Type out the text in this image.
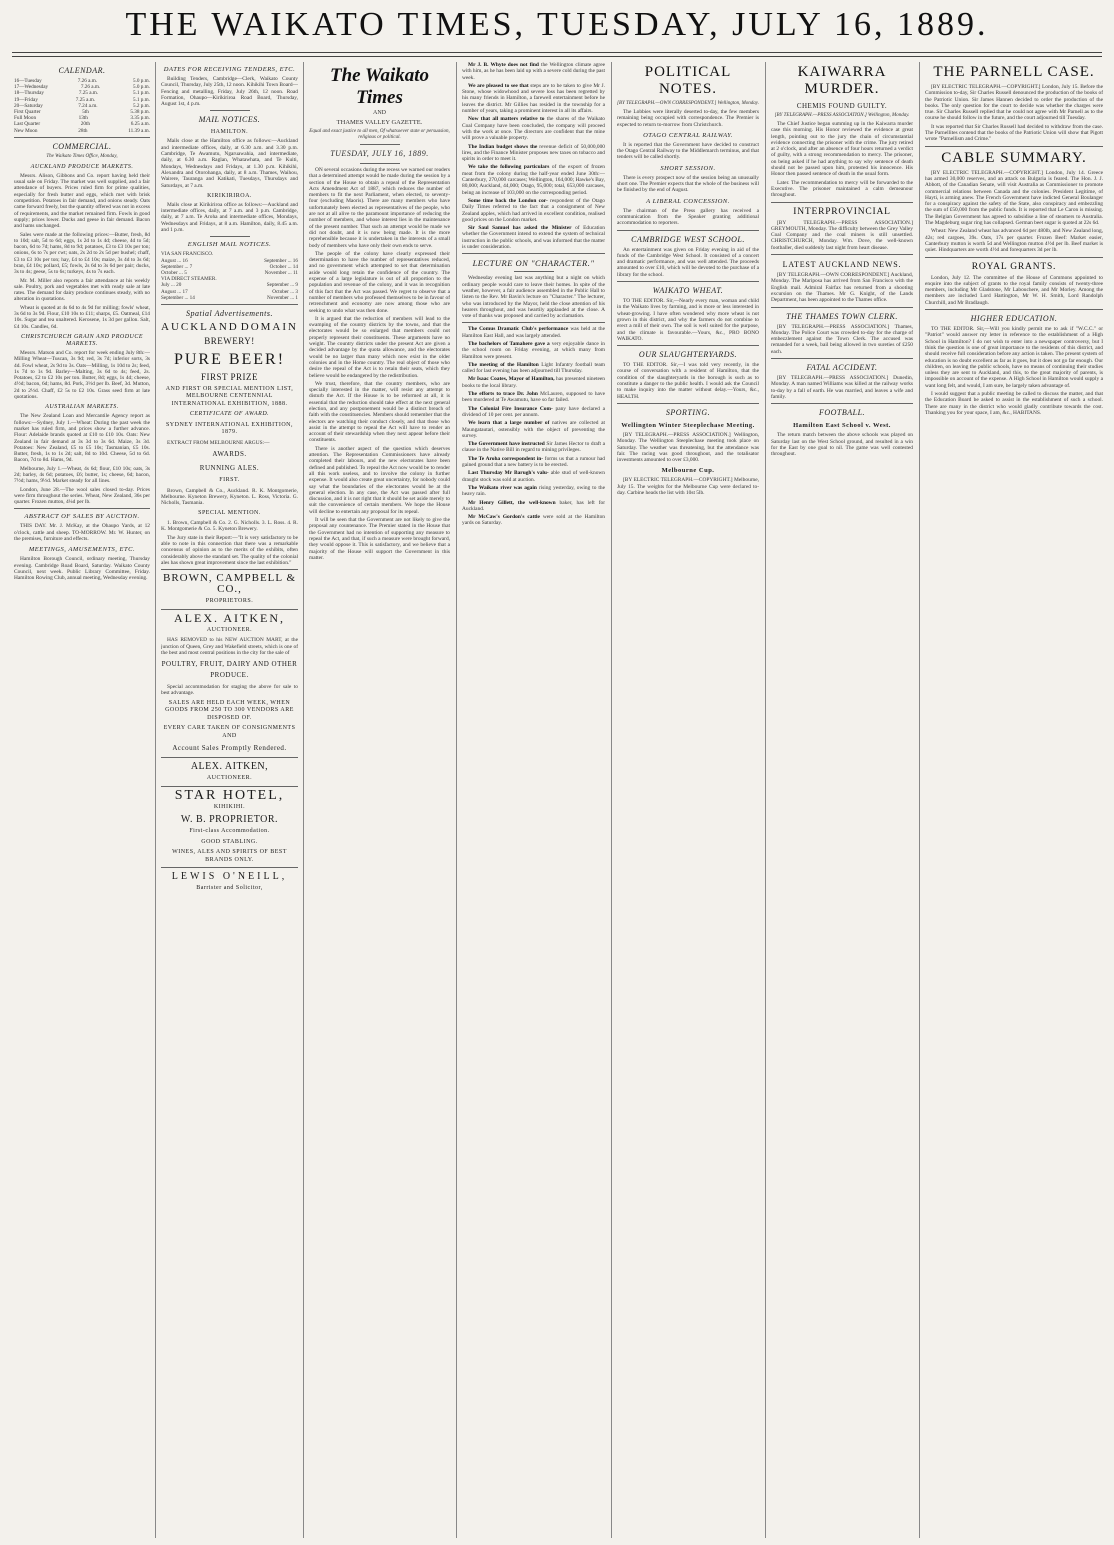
THE WAIKATO TIMES, TUESDAY, JULY 16, 1889.
CALENDAR.
16—Tuesday	7.26 a.m.	5.0 p.m.
17—Wednesday	7.26 a.m.	5.0 p.m.
18—Thursday	7.25 a.m.	5.1 p.m.
19—Friday	7.25 a.m.	5.1 p.m.
20—Saturday	7.24 a.m.	5.2 p.m.
First Quarter	5th	5.38 p.m.
Full Moon	13th	3.35 p.m.
Last Quarter	20th	6.25 a.m.
New Moon	28th	11.39 a.m.
COMMERCIAL.
The Waikato Times Office, Monday,
AUCKLAND PRODUCE MARKETS.
Messrs. Alison, Gibbons and Co. report having held their usual sale on Friday. The market was well supplied, and a fair attendance of buyers. Prices ruled firm for prime qualities, especially for fresh butter and eggs, which met with brisk competition. Potatoes in fair demand, and onions steady. Oats came forward freely, but the quantity offered was not in excess of requirements, and the market remained firm. Fowls in good supply; prices lower. Ducks and geese in fair demand. Bacon and hams unchanged.
Sales were made at the following prices:—Butter, fresh, 8d to 10d; salt, 5d to 6d; eggs, 1s 2d to 1s 4d; cheese, 4d to 5d; bacon, 6d to 7d; hams, 8d to 9d; potatoes, £3 to £3 10s per ton; onions, 6s to 7s per cwt; oats, 2s 2d to 2s 5d per bushel; chaff, £3 to £3 10s per ton; hay, £4 to £4 10s; maize, 3s 4d to 3s 6d; bran, £4 10s; pollard, £5; fowls, 2s 6d to 3s 6d per pair; ducks, 3s to 4s; geese, 5s to 6s; turkeys, 4s to 7s each.
Mr. M. Miller also reports a fair attendance at his weekly sale. Poultry, pork and vegetables met with ready sale at late rates. The demand for dairy produce continues steady, with no alteration in quotations.
Wheat is quoted at 4s 6d to 4s 9d for milling; fowls' wheat, 3s 6d to 3s 9d. Flour, £10 10s to £11; sharps, £5. Oatmeal, £14 10s. Sugar and tea unaltered. Kerosene, 1s 3d per gallon. Salt, £4 10s. Candles, 6d.
CHRISTCHURCH GRAIN AND PRODUCE MARKETS.
Messrs. Matson and Co. report for week ending July 8th:—Milling Wheat—Tuscan, 3s 9d; red, 3s 7d; inferior sorts, 3s 4d. Fowl wheat, 2s 9d to 3s. Oats—Milling, 1s 10d to 2s; feed, 1s 7d to 1s 9d. Barley—Malting, 3s 6d to 4s; feed, 2s. Potatoes, £2 to £2 10s per ton. Butter, 8d; eggs, 1s 4d; cheese, 4½d; bacon, 6d; hams, 8d. Pork, 3½d per lb. Beef, 3d. Mutton, 2d to 2½d. Chaff, £2 5s to £2 10s. Grass seed firm at late quotations.
AUSTRALIAN MARKETS.
The New Zealand Loan and Mercantile Agency report as follows:—Sydney, July 1.—Wheat: During the past week the market has ruled firm, and prices show a further advance. Flour: Adelaide brands quoted at £10 to £10 10s. Oats: New Zealand in fair demand at 3s 3d to 3s 6d. Maize, 3s 3d. Potatoes: New Zealand, £5 to £5 10s; Tasmanian, £5 10s. Butter, fresh, 1s to 1s 2d; salt, 8d to 10d. Cheese, 5d to 6d. Bacon, 7d to 8d. Hams, 9d.
Melbourne, July 1.—Wheat, 4s 6d; flour, £10 10s; oats, 3s 2d; barley, 4s 6d; potatoes, £6; butter, 1s; cheese, 6d; bacon, 7½d; hams, 9½d. Market steady for all lines.
London, June 28.—The wool sales closed to-day. Prices were firm throughout the series. Wheat, New Zealand, 36s per quarter. Frozen mutton, 4¼d per lb.
ABSTRACT OF SALES BY AUCTION.
THIS DAY. Mr. J. McKay, at the Ohaupo Yards, at 12 o'clock, cattle and sheep. TO-MORROW. Mr. W. Hunter, on the premises, furniture and effects.
MEETINGS, AMUSEMENTS, ETC.
Hamilton Borough Council, ordinary meeting, Thursday evening. Cambridge Road Board, Saturday. Waikato County Council, next week. Public Library Committee, Friday. Hamilton Rowing Club, annual meeting, Wednesday evening.
DATES FOR RECEIVING TENDERS, ETC.
Building Tenders, Cambridge—Clerk, Waikato County Council, Thursday, July 25th, 12 noon. Kihikihi Town Board—Fencing and metalling, Friday, July 26th, 12 noon. Road Formation, Ohaupo—Kirikiriroa Road Board, Thursday, August 1st, 4 p.m.
MAIL NOTICES.
HAMILTON.
Mails close at the Hamilton office as follows:—Auckland and intermediate offices, daily, at 6.30 a.m. and 3.30 p.m. Cambridge, Te Awamutu, Ngaruawahia, and intermediate, daily, at 6.30 a.m. Raglan, Whatawhata, and Te Kuiti, Mondays, Wednesdays and Fridays, at 1.30 p.m. Kihikihi, Alexandra and Otorohanga, daily, at 8 a.m. Thames, Waihou, Wairere, Tauranga and Katikati, Tuesdays, Thursdays and Saturdays, at 7 a.m.
KIRIKIRIROA.
Mails close at Kirikiriroa office as follows:—Auckland and intermediate offices, daily, at 7 a.m. and 3 p.m. Cambridge, daily, at 7 a.m. Te Aroha and intermediate offices, Mondays, Wednesdays and Fridays, at 8 a.m. Hamilton, daily, 8.45 a.m. and 1 p.m.
ENGLISH MAIL NOTICES.
VIA SAN FRANCISCO.
August ... 16	September ... 16
September ... 7	October ... 14
October ... 5	November ... 11
VIA DIRECT STEAMER.
July ... 20	September ... 9
August ... 17	October ... 3
September ... 14	November ... 1
Spatial Advertisements.
AUCKLAND DOMAIN
BREWERY!
PURE BEER!
FIRST PRIZE
AND FIRST OR SPECIAL MENTION LIST, MELBOURNE CENTENNIAL INTERNATIONAL EXHIBITION, 1888.
CERTIFICATE OF AWARD.
SYDNEY INTERNATIONAL EXHIBITION, 1879.
EXTRACT FROM MELBOURNE ARGUS:—
AWARDS.
RUNNING ALES.
FIRST.
Brown, Campbell & Co., Auckland. R. K. Montgomerie, Melbourne. Kyneton Brewery, Kyneton. L. Ross, Victoria. G. Nicholls, Tasmania.
SPECIAL MENTION.
1. Brown, Campbell & Co. 2. G. Nicholls. 3. L. Ross. 4. R. K. Montgomerie & Co. 5. Kyneton Brewery.
The Jury state in their Report:—"It is very satisfactory to be able to note in this connection that there was a remarkable concensus of opinion as to the merits of the exhibits, often considerably above the standard set. The quality of the colonial ales has shown great improvement since the last exhibition."
BROWN, CAMPBELL & CO.,
PROPRIETORS.
ALEX. AITKEN,
AUCTIONEER.
HAS REMOVED to his NEW AUCTION MART, at the junction of Queen, Grey and Wakefield streets, which is one of the best and most central positions in the city for the sale of
POULTRY, FRUIT, DAIRY AND OTHER PRODUCE.
Special accommodation for staging the above for sale to best advantage.
SALES ARE HELD EACH WEEK, WHEN GOODS FROM 250 TO 300 VENDORS ARE DISPOSED OF.
EVERY CARE TAKEN OF CONSIGNMENTS AND
Account Sales Promptly Rendered.
ALEX. AITKEN,
AUCTIONEER.
STAR HOTEL,
KIHIKIHI.
W. B. PROPRIETOR.
First-class Accommodation.
GOOD STABLING.
WINES, ALES AND SPIRITS OF BEST BRANDS ONLY.
LEWIS O'NEILL,
Barrister and Solicitor,
The Waikato Times
AND
THAMES VALLEY GAZETTE.
Equal and exact justice to all men, Of whatsoever state or persuasion, religious or political.
TUESDAY, JULY 16, 1889.
ON several occasions during the recess we warned our readers that a determined attempt would be made during the session by a section of the House to obtain a repeal of the Representation Acts Amendment Act of 1887, which reduces the number of members to fit the next Parliament, when elected, to seventy-four (excluding Maoris). There are many members who have unfortunately been elected as representatives of the people, who are not at all alive to the paramount importance of reducing the number of members, and whose interest lies in the maintenance of the present number. That such an attempt would be made we did not doubt, and it is now being made. It is the more reprehensible because it is undertaken in the interests of a small body of members who have only their own ends to serve.
The people of the colony have clearly expressed their determination to have the number of representatives reduced, and no government which attempted to set that determination aside would long retain the confidence of the country. The expense of a large legislature is out of all proportion to the population and revenue of the colony, and it was in recognition of this fact that the Act was passed. We regret to observe that a number of members who professed themselves to be in favour of retrenchment and economy are now among those who are seeking to undo what was then done.
It is argued that the reduction of members will lead to the swamping of the country districts by the towns, and that the electorates would be so enlarged that members could not properly represent their constituents. These arguments have no weight. The country districts under the present Act are given a decided advantage by the quota allowance, and the electorates would be no larger than many which now exist in the older colonies and in the Home country. The real object of those who desire the repeal of the Act is to retain their seats, which they believe would be endangered by the redistribution.
We trust, therefore, that the country members, who are specially interested in the matter, will resist any attempt to disturb the Act. If the House is to be reformed at all, it is essential that the reduction should take effect at the next general election, and any postponement would be a distinct breach of faith with the constituencies. Members should remember that the electors are watching their conduct closely, and that those who assist in the attempt to repeal the Act will have to render an account of their stewardship when they next appear before their constituents.
There is another aspect of the question which deserves attention. The Representation Commissioners have already completed their labours, and the new electorates have been defined and published. To repeal the Act now would be to render all this work useless, and to involve the colony in further expense. It would also create great uncertainty, for nobody could say what the boundaries of the electorates would be at the general election. In any case, the Act was passed after full discussion, and it is not right that it should be set aside merely to suit the convenience of certain members. We hope the House will decline to entertain any proposal for its repeal.
It will be seen that the Government are not likely to give the proposal any countenance. The Premier stated in the House that the Government had no intention of supporting any measure to repeal the Act, and that, if such a measure were brought forward, they would oppose it. This is satisfactory, and we believe that a majority of the House will support the Government in this matter.
Mr J. B. Whyte does not find the Wellington climate agree with him, as he has been laid up with a severe cold during the past week.
We are pleased to see that steps are to be taken to give Mr J. Stone, whose widowhood and severe loss has been regretted by his many friends in Hamilton, a farewell entertainment before he leaves the district. Mr Gillies has resided in the township for a number of years, taking a prominent interest in all its affairs.
Now that all matters relative to the shares of the Waikato Coal Company have been concluded, the company will proceed with the work at once. The directors are confident that the mine will prove a valuable property.
The Indian budget shows the revenue deficit of 50,000,000 lires, and the Finance Minister proposes new taxes on tobacco and spirits in order to meet it.
We take the following particulars of the export of frozen meat from the colony during the half-year ended June 30th:—Canterbury, 270,000 carcases; Wellington, 164,000; Hawke's Bay, 80,000; Auckland, 44,000; Otago, 95,000; total, 653,000 carcases, being an increase of 103,000 on the corresponding period.
Some time back the London cor- respondent of the Otago Daily Times referred to the fact that a consignment of New Zealand apples, which had arrived in excellent condition, realised good prices on the London market.
Sir Saul Samuel has asked the Minister of Education whether the Government intend to extend the system of technical instruction in the public schools, and was informed that the matter is under consideration.
LECTURE ON "CHARACTER."
Wednesday evening last was anything but a night on which ordinary people would care to leave their homes. In spite of the weather, however, a fair audience assembled in the Public Hall to listen to the Rev. Mr Bavin's lecture on "Character." The lecturer, who was introduced by the Mayor, held the close attention of his hearers throughout, and was heartily applauded at the close. A vote of thanks was proposed and carried by acclamation.
The Comus Dramatic Club's performance was held at the Hamilton East Hall, and was largely attended.
The bachelors of Tamahere gave a very enjoyable dance in the school room on Friday evening, at which many from Hamilton were present.
The meeting of the Hamilton Light Infantry football team called for last evening has been adjourned till Thursday.
Mr Isaac Coates, Mayor of Hamilton, has presented nineteen books to the local library.
The efforts to trace Dr. John McLauren, supposed to have been murdered at Te Awamutu, have so far failed.
The Colonial Fire Insurance Com- pany have declared a dividend of 10 per cent. per annum.
We learn that a large number of natives are collected at Maungatautari, ostensibly with the object of preventing the survey.
The Government have instructed Sir James Hector to draft a clause in the Native Bill in regard to mining privileges.
The Te Aroha correspondent in- forms us that a rumour had gained ground that a new battery is to be erected.
Last Thursday Mr Barugh's valu- able stud of well-known draught stock was sold at auction.
The Waikato river was again rising yesterday, owing to the heavy rain.
Mr Henry Gillett, the well-known baker, has left for Auckland.
Mr McCaw's Gordon's cattle were sold at the Hamilton yards on Saturday.
POLITICAL NOTES.
[BY TELEGRAPH.—OWN CORRESPONDENT.] Wellington, Monday.
The Lobbies were literally deserted to-day, the few members remaining being occupied with correspondence. The Premier is expected to return to-morrow from Christchurch.
OTAGO CENTRAL RAILWAY.
It is reported that the Government have decided to construct the Otago Central Railway to the Middlemarch terminus, and that tenders will be called shortly.
SHORT SESSION.
There is every prospect now of the session being an unusually short one. The Premier expects that the whole of the business will be finished by the end of August.
A LIBERAL CONCESSION.
The chairman of the Press gallery has received a communication from the Speaker granting additional accommodation to reporters.
CAMBRIDGE WEST SCHOOL.
An entertainment was given on Friday evening in aid of the funds of the Cambridge West School. It consisted of a concert and dramatic performance, and was well attended. The proceeds amounted to over £10, which will be devoted to the purchase of a library for the school.
WAIKATO WHEAT.
TO THE EDITOR. Sir,—Nearly every man, woman and child in the Waikato lives by farming, and is more or less interested in wheat-growing. I have often wondered why more wheat is not grown in this district, and why the farmers do not combine to erect a mill of their own. The soil is well suited for the purpose, and the climate is favourable.—Yours, &c., PRO BONO WAIKATO.
OUR SLAUGHTERYARDS.
TO THE EDITOR. Sir,—I was told very recently, in the course of conversation with a resident of Hamilton, that the condition of the slaughteryards in the borough is such as to constitute a danger to the public health. I would ask the Council to make inquiry into the matter without delay.—Yours, &c., HEALTH.
SPORTING.
Wellington Winter Steeplechase Meeting.
[BY TELEGRAPH.—PRESS ASSOCIATION.] Wellington, Monday. The Wellington Steeplechase meeting took place on Saturday. The weather was threatening, but the attendance was fair. The racing was good throughout, and the totalisator investments amounted to over £3,000.
Melbourne Cup.
[BY ELECTRIC TELEGRAPH.—COPYRIGHT.] Melbourne, July 15. The weights for the Melbourne Cup were declared to-day. Carbine heads the list with 10st 5lb.
KAIWARRA MURDER.
CHEMIS FOUND GUILTY.
[BY TELEGRAPH.—PRESS ASSOCIATION.] Wellington, Monday.
The Chief Justice began summing up in the Kaiwarra murder case this morning. His Honor reviewed the evidence at great length, pointing out to the jury the chain of circumstantial evidence connecting the prisoner with the crime. The jury retired at 2 o'clock, and after an absence of four hours returned a verdict of guilty, with a strong recommendation to mercy. The prisoner, on being asked if he had anything to say why sentence of death should not be passed upon him, protested his innocence. His Honor then passed sentence of death in the usual form.
Later. The recommendation to mercy will be forwarded to the Executive. The prisoner maintained a calm demeanour throughout.
INTERPROVINCIAL
[BY TELEGRAPH.—PRESS ASSOCIATION.] GREYMOUTH, Monday. The difficulty between the Grey Valley Coal Company and the coal miners is still unsettled. CHRISTCHURCH, Monday. Wm. Dove, the well-known footballer, died suddenly last night from heart disease.
LATEST AUCKLAND NEWS.
[BY TELEGRAPH.—OWN CORRESPONDENT.] Auckland, Monday. The Mariposa has arrived from San Francisco with the English mail. Admiral Fairfax has returned from a shooting excursion on the Thames. Mr G. Knight, of the Lands Department, has been appointed to the Thames office.
THE THAMES TOWN CLERK.
[BY TELEGRAPH.—PRESS ASSOCIATION.] Thames, Monday. The Police Court was crowded to-day for the charge of embezzlement against the Town Clerk. The accused was remanded for a week, bail being allowed in two sureties of £250 each.
FATAL ACCIDENT.
[BY TELEGRAPH.—PRESS ASSOCIATION.] Dunedin, Monday. A man named Williams was killed at the railway works to-day by a fall of earth. He was married, and leaves a wife and family.
FOOTBALL.
Hamilton East School v. West.
The return match between the above schools was played on Saturday last on the West School ground, and resulted in a win for the East by one goal to nil. The game was well contested throughout.
THE PARNELL CASE.
[BY ELECTRIC TELEGRAPH.—COPYRIGHT.] London, July 15. Before the Commission to-day, Sir Charles Russell denounced the production of the books of the Patriotic Union. Sir James Hannen decided to order the production of the books. The only question for the court to decide was whether the charges were true. Sir Charles Russell replied that he could not agree with Mr Parnell as to the course he should follow in the future, and the court adjourned till Tuesday.
It was reported that Sir Charles Russell had decided to withdraw from the case. The Parnellites contend that the books of the Patriotic Union will show that Pigott wrote "Parnellism and Crime."
CABLE SUMMARY.
[BY ELECTRIC TELEGRAPH.—COPYRIGHT.] London, July 14. Greece has armed 30,000 reserves, and an attack on Bulgaria is feared. The Hon. J. J. Abbott, of the Canadian Senate, will visit Australia as Commissioner to promote commercial relations between Canada and the colonies. President Legitime, of Hayti, is arming anew. The French Government have indicted General Boulanger for a conspiracy against the safety of the State, also conspiracy and embezzling the sum of £50,000 from the public funds. It is reported that Le Caron is missing. The Belgian Government has agreed to subsidise a line of steamers to Australia. The Magdeburg sugar ring has collapsed. German beet sugar is quoted at 22s 6d.
Wheat: New Zealand wheat has advanced 6d per 480lb, and New Zealand long, 42s; red cargoes, 39s. Oats, 17s per quarter. Frozen Beef: Market easier, Canterbury mutton is worth 5d and Wellington mutton 4½d per lb. Beef market is quiet. Hindquarters are worth 4½d and forequarters 3d per lb.
ROYAL GRANTS.
London, July 12. The committee of the House of Commons appointed to enquire into the subject of grants to the royal family consists of twenty-three members, including Mr Gladstone, Mr Labouchere, and Mr Morley. Among the members are included Lord Hartington, Mr W. H. Smith, Lord Randolph Churchill, and Mr Bradlaugh.
HIGHER EDUCATION.
TO THE EDITOR. Sir,—Will you kindly permit me to ask if "W.C.C." or "Patriot" would answer my letter in reference to the establishment of a High School in Hamilton? I do not wish to enter into a newspaper controversy, but I think the question is one of great importance to the residents of this district, and should receive full consideration before any action is taken. The present system of education is no doubt excellent as far as it goes, but it does not go far enough. Our children, on leaving the public schools, have no means of continuing their studies unless they are sent to Auckland, and this, to the great majority of parents, is impossible on account of the expense. A High School in Hamilton would supply a want long felt, and would, I am sure, be largely taken advantage of.
I would suggest that a public meeting be called to discuss the matter, and that the Education Board be asked to assist in the establishment of such a school. There are many in the district who would gladly contribute towards the cost. Thanking you for your space, I am, &c., HABITANS.
